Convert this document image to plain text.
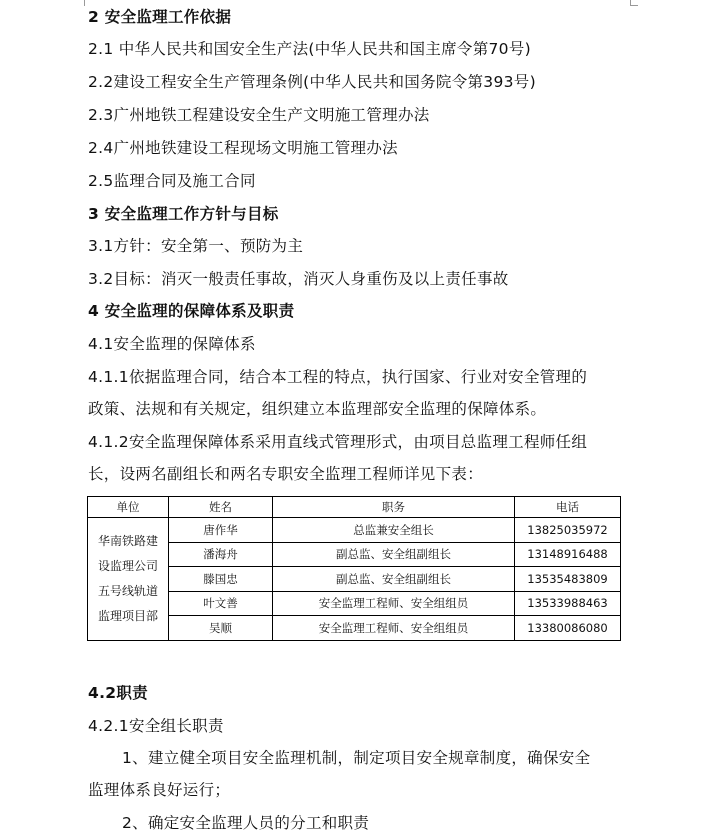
2 安全监理工作依据
2.1 中华人民共和国安全生产法(中华人民共和国主席令第70号)
2.2建设工程安全生产管理条例(中华人民共和国务院令第393号)
2.3广州地铁工程建设安全生产文明施工管理办法
2.4广州地铁建设工程现场文明施工管理办法
2.5监理合同及施工合同
3 安全监理工作方针与目标
3.1方针：安全第一、预防为主
3.2目标：消灭一般责任事故，消灭人身重伤及以上责任事故
4 安全监理的保障体系及职责
4.1安全监理的保障体系
4.1.1依据监理合同，结合本工程的特点，执行国家、行业对安全管理的
政策、法规和有关规定，组织建立本监理部安全监理的保障体系。
4.1.2安全监理保障体系采用直线式管理形式，由项目总监理工程师任组
长，设两名副组长和两名专职安全监理工程师详见下表：
单位	姓名	职务	电话

华南铁路建
设监理公司
五号线轨道
监理项目部	唐作华	总监兼安全组长	13825035972
	潘海舟	副总监、安全组副组长	13148916488
	滕国忠	副总监、安全组副组长	13535483809
	叶文善	安全监理工程师、安全组组员	13533988463
	吴顺	安全监理工程师、安全组组员	13380086080
4.2职责
4.2.1安全组长职责
1、建立健全项目安全监理机制，制定项目安全规章制度，确保安全
监理体系良好运行；
2、确定安全监理人员的分工和职责
